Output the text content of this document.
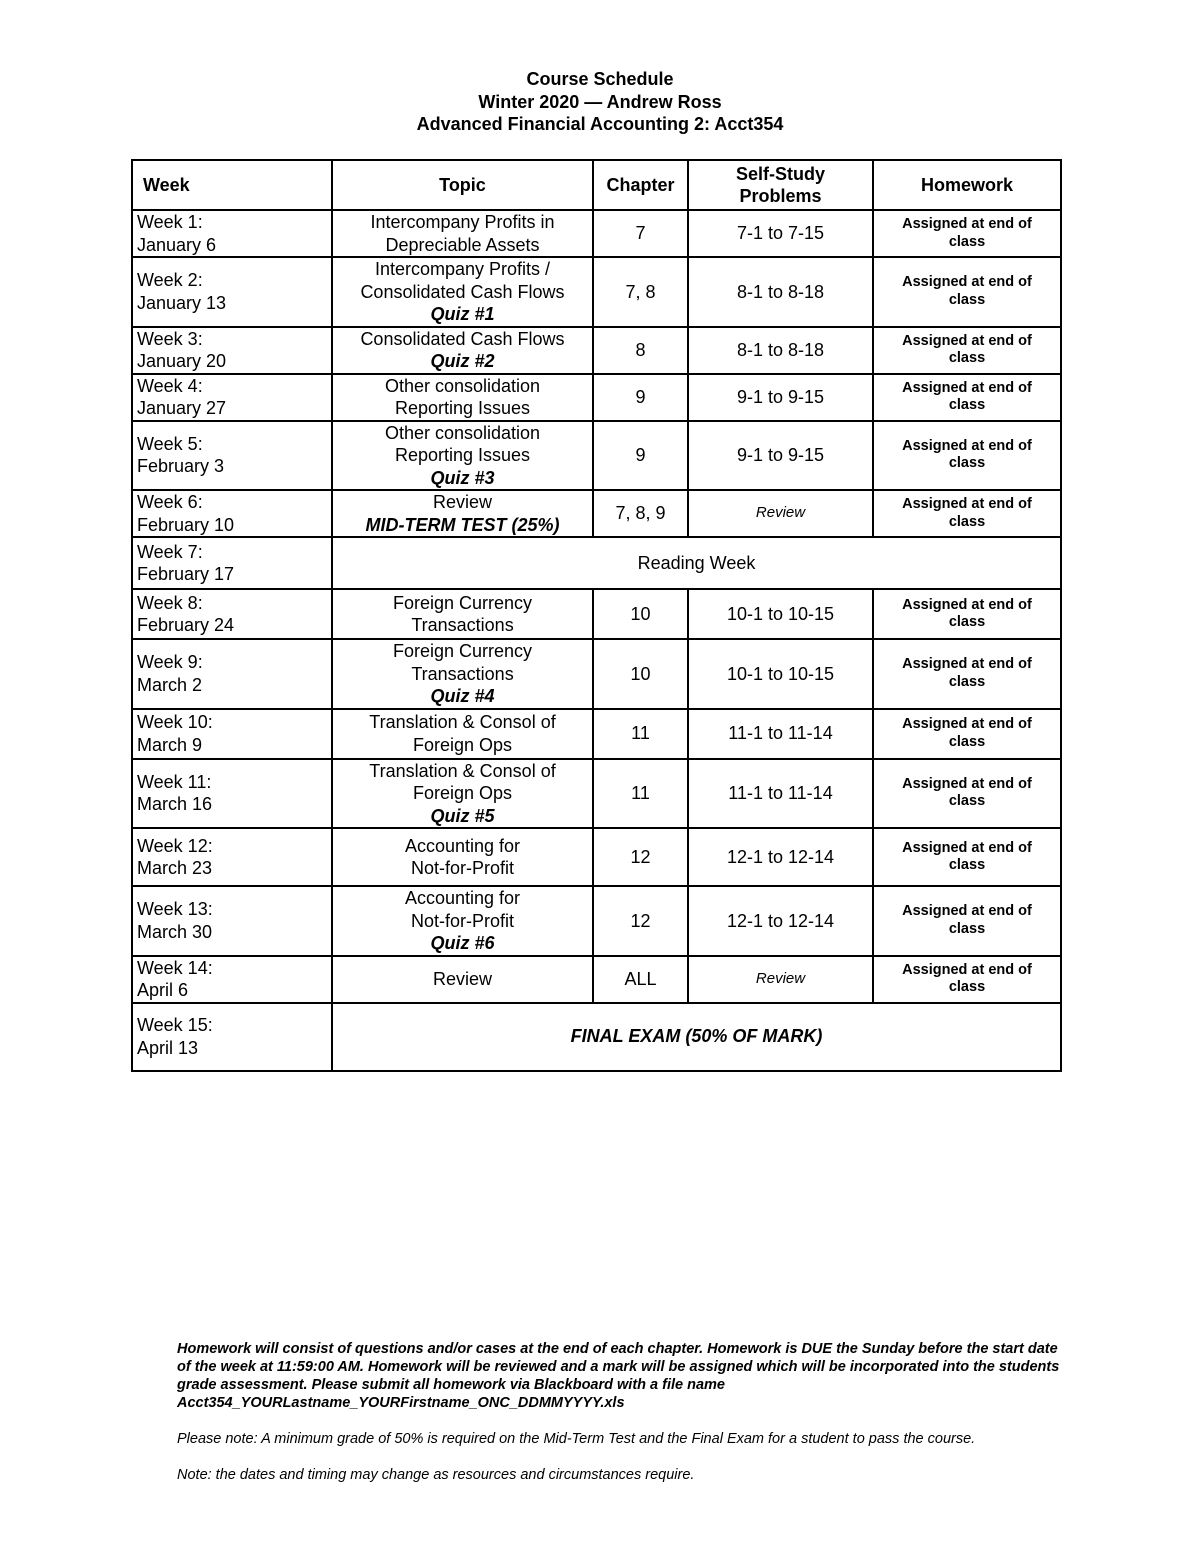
Course Schedule
Winter 2020 — Andrew Ross
Advanced Financial Accounting 2: Acct354
Week	Topic	Chapter	Self-Study Problems	Homework

Week 1:
January 6	Intercompany Profits in
Depreciable Assets	7	7-1 to 7-15	Assigned at end of class

Week 2:
January 13	Intercompany Profits /
Consolidated Cash Flows
Quiz #1	7, 8	8-1 to 8-18	Assigned at end of class

Week 3:
January 20	Consolidated Cash Flows
Quiz #2	8	8-1 to 8-18	Assigned at end of class

Week 4:
January 27	Other consolidation
Reporting Issues	9	9-1 to 9-15	Assigned at end of class

Week 5:
February 3	Other consolidation
Reporting Issues
Quiz #3	9	9-1 to 9-15	Assigned at end of class

Week 6:
February 10	Review
MID-TERM TEST (25%)	7, 8, 9	Review	Assigned at end of class

Week 7:
February 17	Reading Week			

Week 8:
February 24	Foreign Currency
Transactions	10	10-1 to 10-15	Assigned at end of class

Week 9:
March 2	Foreign Currency
Transactions
Quiz #4	10	10-1 to 10-15	Assigned at end of class

Week 10:
March 9	Translation & Consol of
Foreign Ops	11	11-1 to 11-14	Assigned at end of class

Week 11:
March 16	Translation & Consol of
Foreign Ops
Quiz #5	11	11-1 to 11-14	Assigned at end of class

Week 12:
March 23	Accounting for
Not-for-Profit	12	12-1 to 12-14	Assigned at end of class

Week 13:
March 30	Accounting for
Not-for-Profit
Quiz #6	12	12-1 to 12-14	Assigned at end of class

Week 14:
April 6	Review	ALL	Review	Assigned at end of class

Week 15:
April 13	FINAL EXAM (50% OF MARK)			

Homework will consist of questions and/or cases at the end of each chapter. Homework is DUE the Sunday before the start date of the week at 11:59:00 AM. Homework will be reviewed and a mark will be assigned which will be incorporated into the students grade assessment. Please submit all homework via Blackboard with a file name Acct354_YOURLastname_YOURFirstname_ONC_DDMMYYYY.xls

Please note: A minimum grade of 50% is required on the Mid-Term Test and the Final Exam for a student to pass the course.

Note: the dates and timing may change as resources and circumstances require.
